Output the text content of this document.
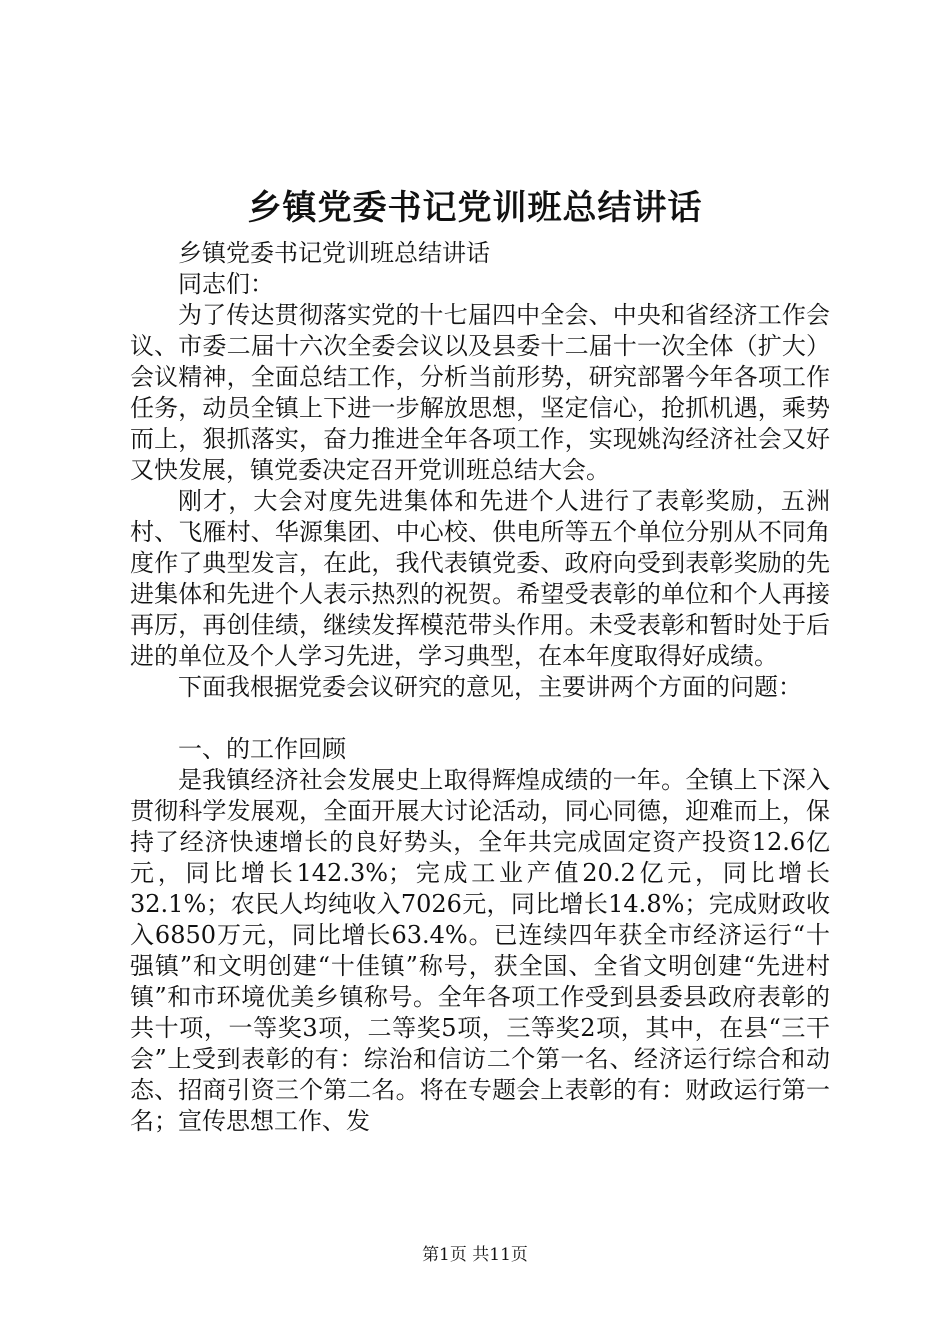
乡镇党委书记党训班总结讲话

乡镇党委书记党训班总结讲话

同志们：

为了传达贯彻落实党的十七届四中全会、中央和省经济工作会议、市委二届十六次全委会议以及县委十二届十一次全体（扩大）会议精神，全面总结工作，分析当前形势，研究部署今年各项工作任务，动员全镇上下进一步解放思想，坚定信心，抢抓机遇，乘势而上，狠抓落实，奋力推进全年各项工作，实现姚沟经济社会又好又快发展，镇党委决定召开党训班总结大会。

刚才，大会对度先进集体和先进个人进行了表彰奖励，五洲村、飞雁村、华源集团、中心校、供电所等五个单位分别从不同角度作了典型发言，在此，我代表镇党委、政府向受到表彰奖励的先进集体和先进个人表示热烈的祝贺。希望受表彰的单位和个人再接再厉，再创佳绩，继续发挥模范带头作用。未受表彰和暂时处于后进的单位及个人学习先进，学习典型，在本年度取得好成绩。

下面我根据党委会议研究的意见，主要讲两个方面的问题：

一、的工作回顾

是我镇经济社会发展史上取得辉煌成绩的一年。全镇上下深入贯彻科学发展观，全面开展大讨论活动，同心同德，迎难而上，保持了经济快速增长的良好势头，全年共完成固定资产投资12.6亿元，同比增长142.3%；完成工业产值20.2亿元，同比增长32.1%；农民人均纯收入7026元，同比增长14.8%；完成财政收入6850万元，同比增长63.4%。已连续四年获全市经济运行“十强镇”和文明创建“十佳镇”称号，获全国、全省文明创建“先进村镇”和市环境优美乡镇称号。全年各项工作受到县委县政府表彰的共十项，一等奖3项，二等奖5项，三等奖2项，其中，在县“三干会”上受到表彰的有：综治和信访二个第一名、经济运行综合和动态、招商引资三个第二名。将在专题会上表彰的有：财政运行第一名；宣传思想工作、发

第1页 共11页
